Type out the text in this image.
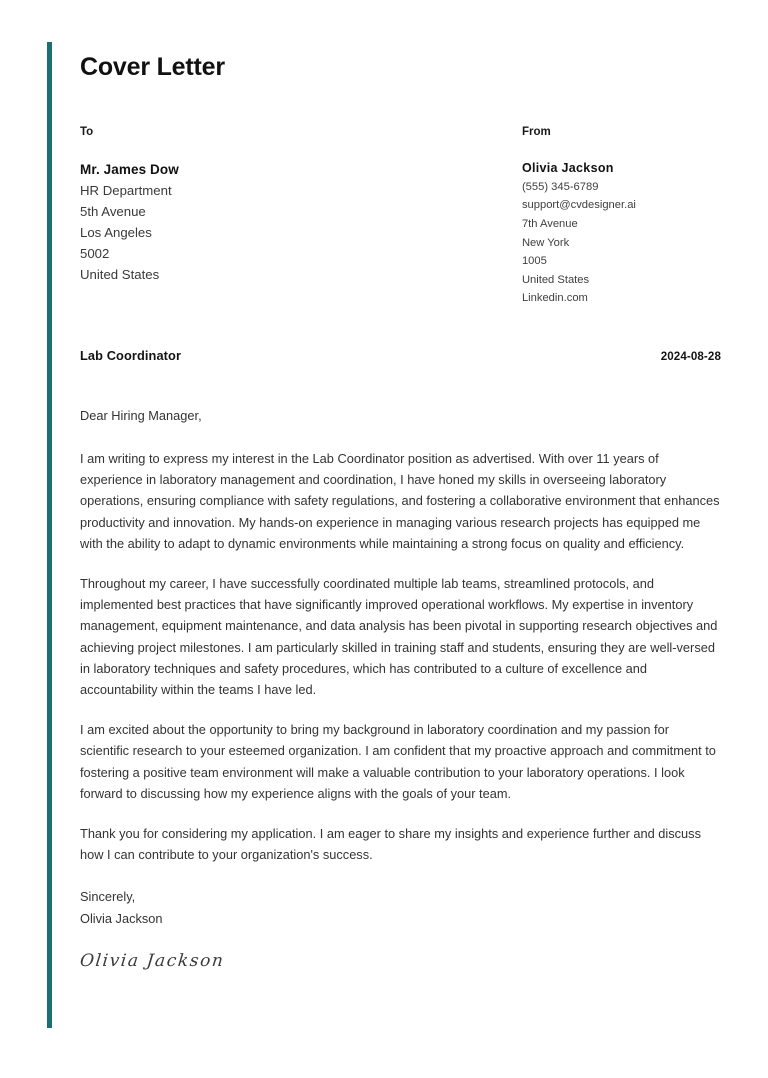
Cover Letter
To
Mr. James Dow
HR Department
5th Avenue
Los Angeles
5002
United States
From
Olivia Jackson
(555) 345-6789
support@cvdesigner.ai
7th Avenue
New York
1005
United States
Linkedin.com
Lab Coordinator	2024-08-28
Dear Hiring Manager,

I am writing to express my interest in the Lab Coordinator position as advertised. With over 11 years of experience in laboratory management and coordination, I have honed my skills in overseeing laboratory operations, ensuring compliance with safety regulations, and fostering a collaborative environment that enhances productivity and innovation. My hands-on experience in managing various research projects has equipped me with the ability to adapt to dynamic environments while maintaining a strong focus on quality and efficiency.

Throughout my career, I have successfully coordinated multiple lab teams, streamlined protocols, and implemented best practices that have significantly improved operational workflows. My expertise in inventory management, equipment maintenance, and data analysis has been pivotal in supporting research objectives and achieving project milestones. I am particularly skilled in training staff and students, ensuring they are well-versed in laboratory techniques and safety procedures, which has contributed to a culture of excellence and accountability within the teams I have led.

I am excited about the opportunity to bring my background in laboratory coordination and my passion for scientific research to your esteemed organization. I am confident that my proactive approach and commitment to fostering a positive team environment will make a valuable contribution to your laboratory operations. I look forward to discussing how my experience aligns with the goals of your team.

Thank you for considering my application. I am eager to share my insights and experience further and discuss how I can contribute to your organization's success.

Sincerely,
Olivia Jackson
Olivia Jackson
